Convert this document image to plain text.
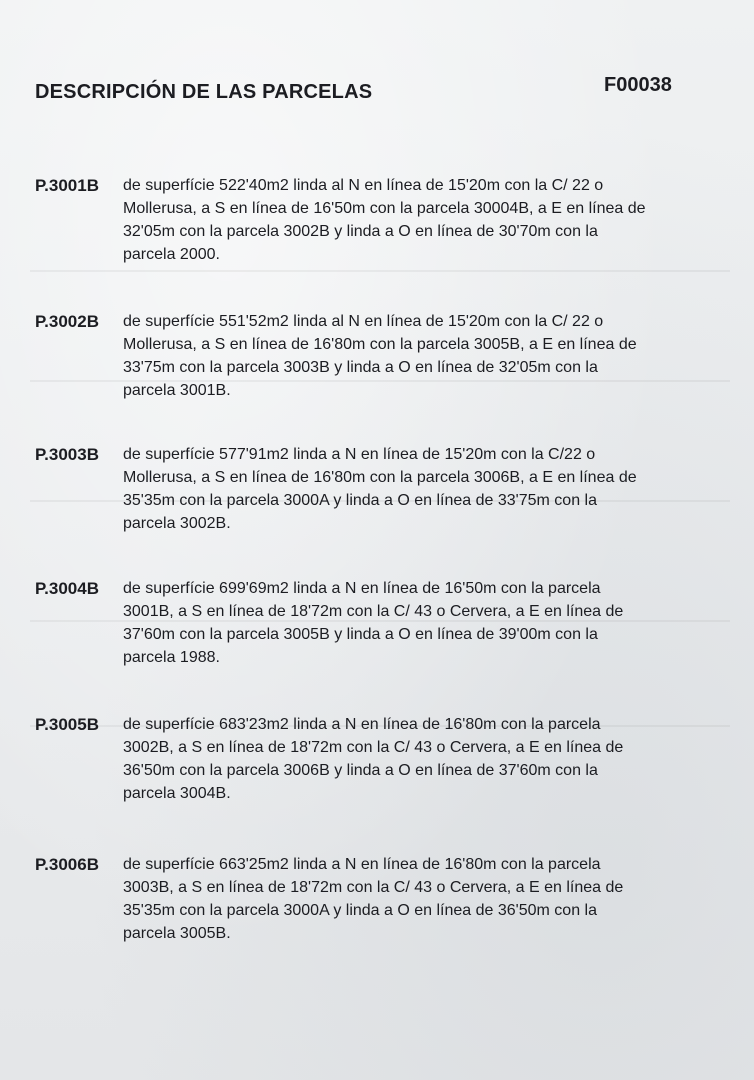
DESCRIPCIÓN DE LAS PARCELAS	F00038
P.3001B de superfície 522'40m2 linda al N en línea de 15'20m con la C/ 22 o
Mollerusa, a S en línea de 16'50m con la parcela 30004B, a E en línea de
32'05m con la parcela 3002B y linda a O en línea de 30'70m con la
parcela 2000.
P.3002B de superfície 551'52m2 linda al N en línea de 15'20m con la C/ 22 o
Mollerusa, a S en línea de 16'80m con la parcela 3005B, a E en línea de
33'75m con la parcela 3003B y linda a O en línea de 32'05m con la
parcela 3001B.
P.3003B de superfície 577'91m2 linda a N en línea de 15'20m con la C/22 o
Mollerusa, a S en línea de 16'80m con la parcela 3006B, a E en línea de
35'35m con la parcela 3000A y linda a O en línea de 33'75m con la
parcela 3002B.
P.3004B de superfície 699'69m2 linda a N en línea de 16'50m con la parcela
3001B, a S en línea de 18'72m con la C/ 43 o Cervera, a E en línea de
37'60m con la parcela 3005B y linda a O en línea de 39'00m con la
parcela 1988.
P.3005B de superfície 683'23m2 linda a N en línea de 16'80m con la parcela
3002B, a S en línea de 18'72m con la C/ 43 o Cervera, a E en línea de
36'50m con la parcela 3006B y linda a O en línea de 37'60m con la
parcela 3004B.
P.3006B de superfície 663'25m2 linda a N en línea de 16'80m con la parcela
3003B, a S en línea de 18'72m con la C/ 43 o Cervera, a E en línea de
35'35m con la parcela 3000A y linda a O en línea de 36'50m con la
parcela 3005B.
